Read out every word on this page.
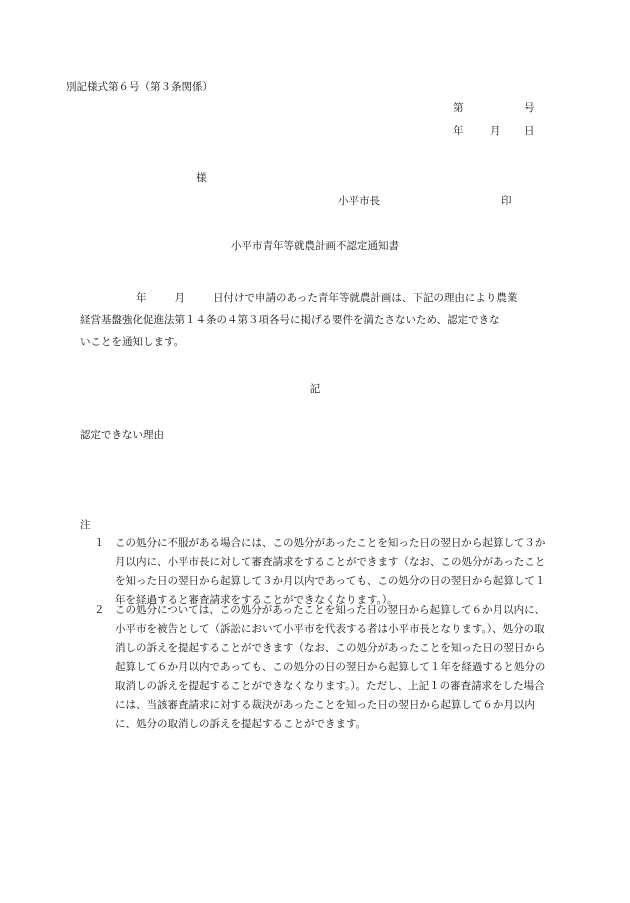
別記様式第６号（第３条関係）
第	号
年	月 日
様
小平市長	印
小平市青年等就農計画不認定通知書
年	月	日付けで申請のあった青年等就農計画は、下記の理由により農業
経営基盤強化促進法第１４条の４第３項各号に掲げる要件を満たさないため、認定できな
いことを通知します。
記
認定できない理由
注
１ この処分に不服がある場合には、この処分があったことを知った日の翌日から起算して３か月以内に、小平市長に対して審査請求をすることができます（なお、この処分があったことを知った日の翌日から起算して３か月以内であっても、この処分の日の翌日から起算して１年を経過すると審査請求をすることができなくなります。）。
２ この処分については、この処分があったことを知った日の翌日から起算して６か月以内に、小平市を被告として（訴訟において小平市を代表する者は小平市長となります。）、処分の取消しの訴えを提起することができます（なお、この処分があったことを知った日の翌日から起算して６か月以内であっても、この処分の日の翌日から起算して１年を経過すると処分の取消しの訴えを提起することができなくなります。）。ただし、上記１の審査請求をした場合には、当該審査請求に対する裁決があったことを知った日の翌日から起算して６か月以内に、処分の取消しの訴えを提起することができます。
